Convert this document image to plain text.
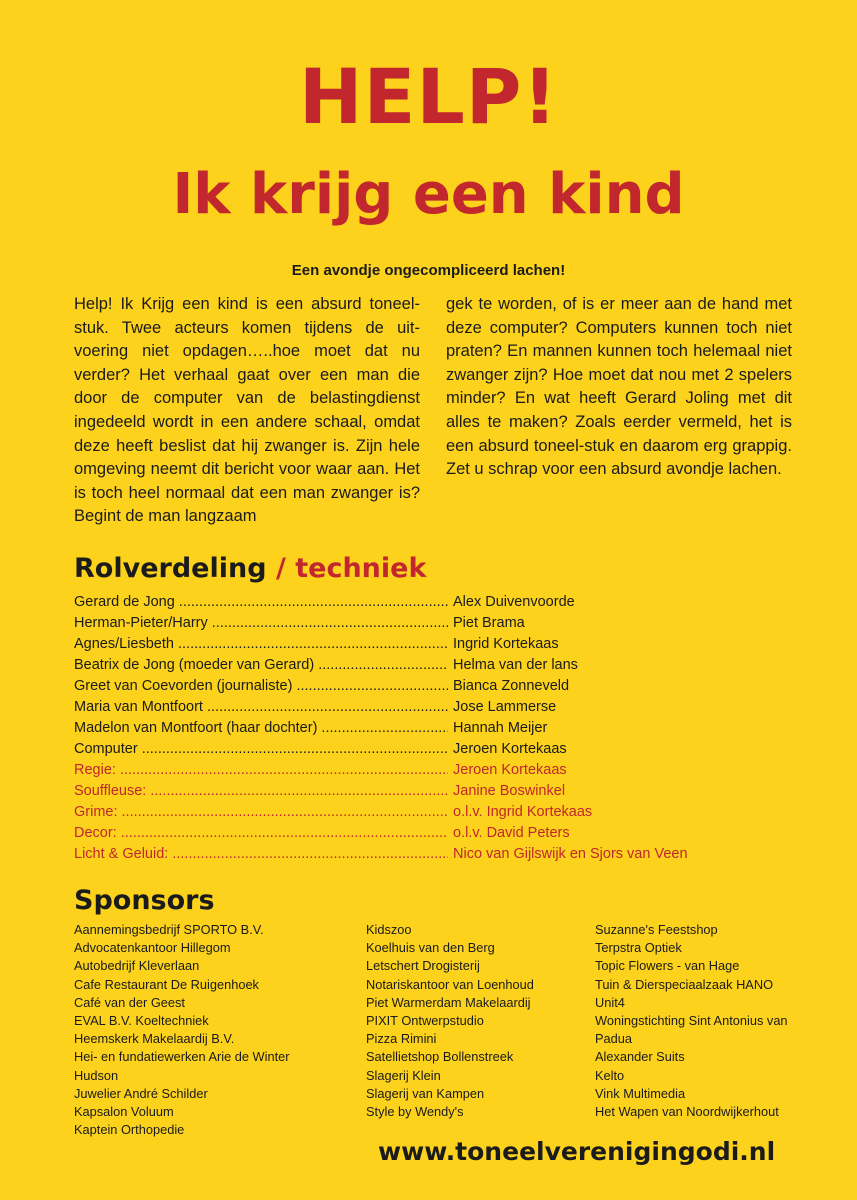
HELP!
Ik krijg een kind
Een avondje ongecompliceerd lachen!

Help! Ik Krijg een kind is een absurd toneel-stuk. Twee acteurs komen tijdens de uit-voering niet opdagen…..hoe moet dat nu verder? Het verhaal gaat over een man die door de computer van de belastingdienst ingedeeld wordt in een andere schaal, omdat deze heeft beslist dat hij zwanger is. Zijn hele omgeving neemt dit bericht voor waar aan. Het is toch heel normaal dat een man zwanger is? Begint de man langzaam

gek te worden, of is er meer aan de hand met deze computer? Computers kunnen toch niet praten? En mannen kunnen toch helemaal niet zwanger zijn? Hoe moet dat nou met 2 spelers minder? En wat heeft Gerard Joling met dit alles te maken? Zoals eerder vermeld, het is een absurd toneel-stuk en daarom erg grappig. Zet u schrap voor een absurd avondje lachen.

Rolverdeling / techniek
Gerard de Jong .....	Alex Duivenvoorde
Herman-Pieter/Harry .....	Piet Brama
Agnes/Liesbeth .....	Ingrid Kortekaas
Beatrix de Jong (moeder van Gerard) .....	Helma van der lans
Greet van Coevorden (journaliste) .....	Bianca Zonneveld
Maria van Montfoort .....	Jose Lammerse
Madelon van Montfoort (haar dochter) .....	Hannah Meijer
Computer .....	Jeroen Kortekaas
Regie: .....	Jeroen Kortekaas
Souffleuse: .....	Janine Boswinkel
Grime: .....	o.l.v. Ingrid Kortekaas
Decor: .....	o.l.v. David Peters
Licht & Geluid: .....	Nico van Gijlswijk en Sjors van Veen
Sponsors
Aannemingsbedrijf SPORTO B.V.
Advocatenkantoor Hillegom
Autobedrijf Kleverlaan
Cafe Restaurant De Ruigenhoek
Café van der Geest
EVAL B.V. Koeltechniek
Heemskerk Makelaardij B.V.
Hei- en fundatiewerken Arie de Winter
Hudson
Juwelier André Schilder
Kapsalon Voluum
Kaptein Orthopedie
Kidszoo
Koelhuis van den Berg
Letschert Drogisterij
Notariskantoor van Loenhoud
Piet Warmerdam Makelaardij
PIXIT Ontwerpstudio
Pizza Rimini
Satellietshop Bollenstreek
Slagerij Klein
Slagerij van Kampen
Style by Wendy's
Suzanne's Feestshop
Terpstra Optiek
Topic Flowers - van Hage
Tuin & Dierspeciaalzaak HANO
Unit4
Woningstichting Sint Antonius van Padua
Alexander Suits
Kelto
Vink Multimedia
Het Wapen van Noordwijkerhout
www.toneelverenigingodi.nl
